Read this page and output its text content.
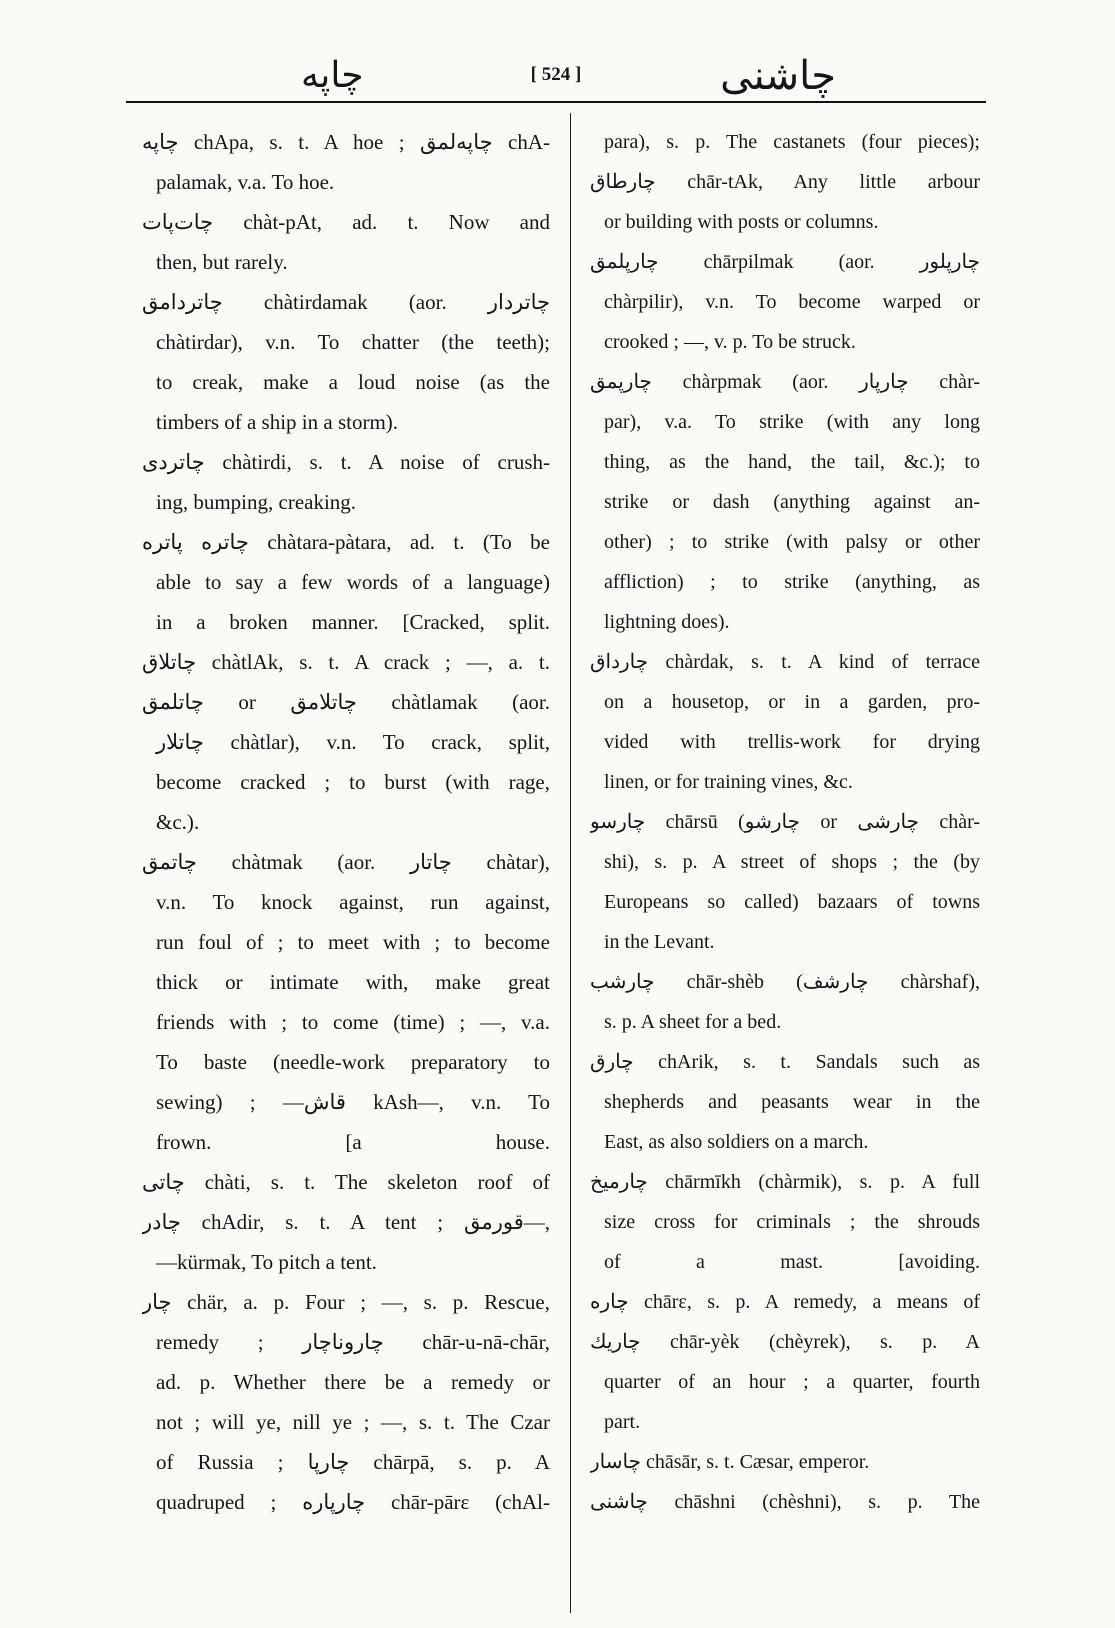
چاپه	[ 524 ]	چاشنی
چاپه chApa, s. t. A hoe ; چاپه‌لمق chA-
palamak, v.a. To hoe.
چات‌پات chàt-pAt, ad. t. Now and
then, but rarely.
چاتردامق chàtirdamak (aor. چاتردار
chàtirdar), v.n. To chatter (the teeth);
to creak, make a loud noise (as the
timbers of a ship in a storm).
چاتردی chàtirdi, s. t. A noise of crush-
ing, bumping, creaking.
چاتره پاتره chàtara-pàtara, ad. t. (To be
able to say a few words of a language)
in a broken manner. [Cracked, split.
چاتلاق chàtlAk, s. t. A crack ; —, a. t.
چاتلمق or چاتلامق chàtlamak (aor.
چاتلار chàtlar), v.n. To crack, split,
become cracked ; to burst (with rage,
&c.).
چاتمق chàtmak (aor. چاتار chàtar),
v.n. To knock against, run against,
run foul of ; to meet with ; to become
thick or intimate with, make great
friends with ; to come (time) ; —, v.a.
To baste (needle-work preparatory to
sewing) ; —قاش kAsh—, v.n. To
frown. [a house.
چاتی chàti, s. t. The skeleton roof of
چادر chAdir, s. t. A tent ; قورمق—,
—kürmak, To pitch a tent.
چار chär, a. p. Four ; —, s. p. Rescue,
remedy ; چاروناچار chār-u-nā-chār,
ad. p. Whether there be a remedy or
not ; will ye, nill ye ; —, s. t. The Czar
of Russia ; چارپا chārpā, s. p. A
quadruped ; چارپاره chār-pārɛ (chAl-
para), s. p. The castanets (four pieces);
چارطاق chār-tAk, Any little arbour
or building with posts or columns.
چارپلمق chārpilmak (aor. چارپلور
chàrpilir), v.n. To become warped or
crooked ; —, v. p. To be struck.
چارپمق chàrpmak (aor. چارپار chàr-
par), v.a. To strike (with any long
thing, as the hand, the tail, &c.); to
strike or dash (anything against an-
other) ; to strike (with palsy or other
affliction) ; to strike (anything, as
lightning does).
چارداق chàrdak, s. t. A kind of terrace
on a housetop, or in a garden, pro-
vided with trellis-work for drying
linen, or for training vines, &c.
چارسو chārsū (چارشو or چارشی chàr-
shi), s. p. A street of shops ; the (by
Europeans so called) bazaars of towns
in the Levant.
چارشب chār-shèb (چارشف chàrshaf),
s. p. A sheet for a bed.
چارق chArik, s. t. Sandals such as
shepherds and peasants wear in the
East, as also soldiers on a march.
چارمیخ chārmīkh (chàrmik), s. p. A full
size cross for criminals ; the shrouds
of a mast. [avoiding.
چاره chārɛ, s. p. A remedy, a means of
چاریك chār-yèk (chèyrek), s. p. A
quarter of an hour ; a quarter, fourth
part.
چاسار chāsār, s. t. Cæsar, emperor.
چاشنی chāshni (chèshni), s. p. The
